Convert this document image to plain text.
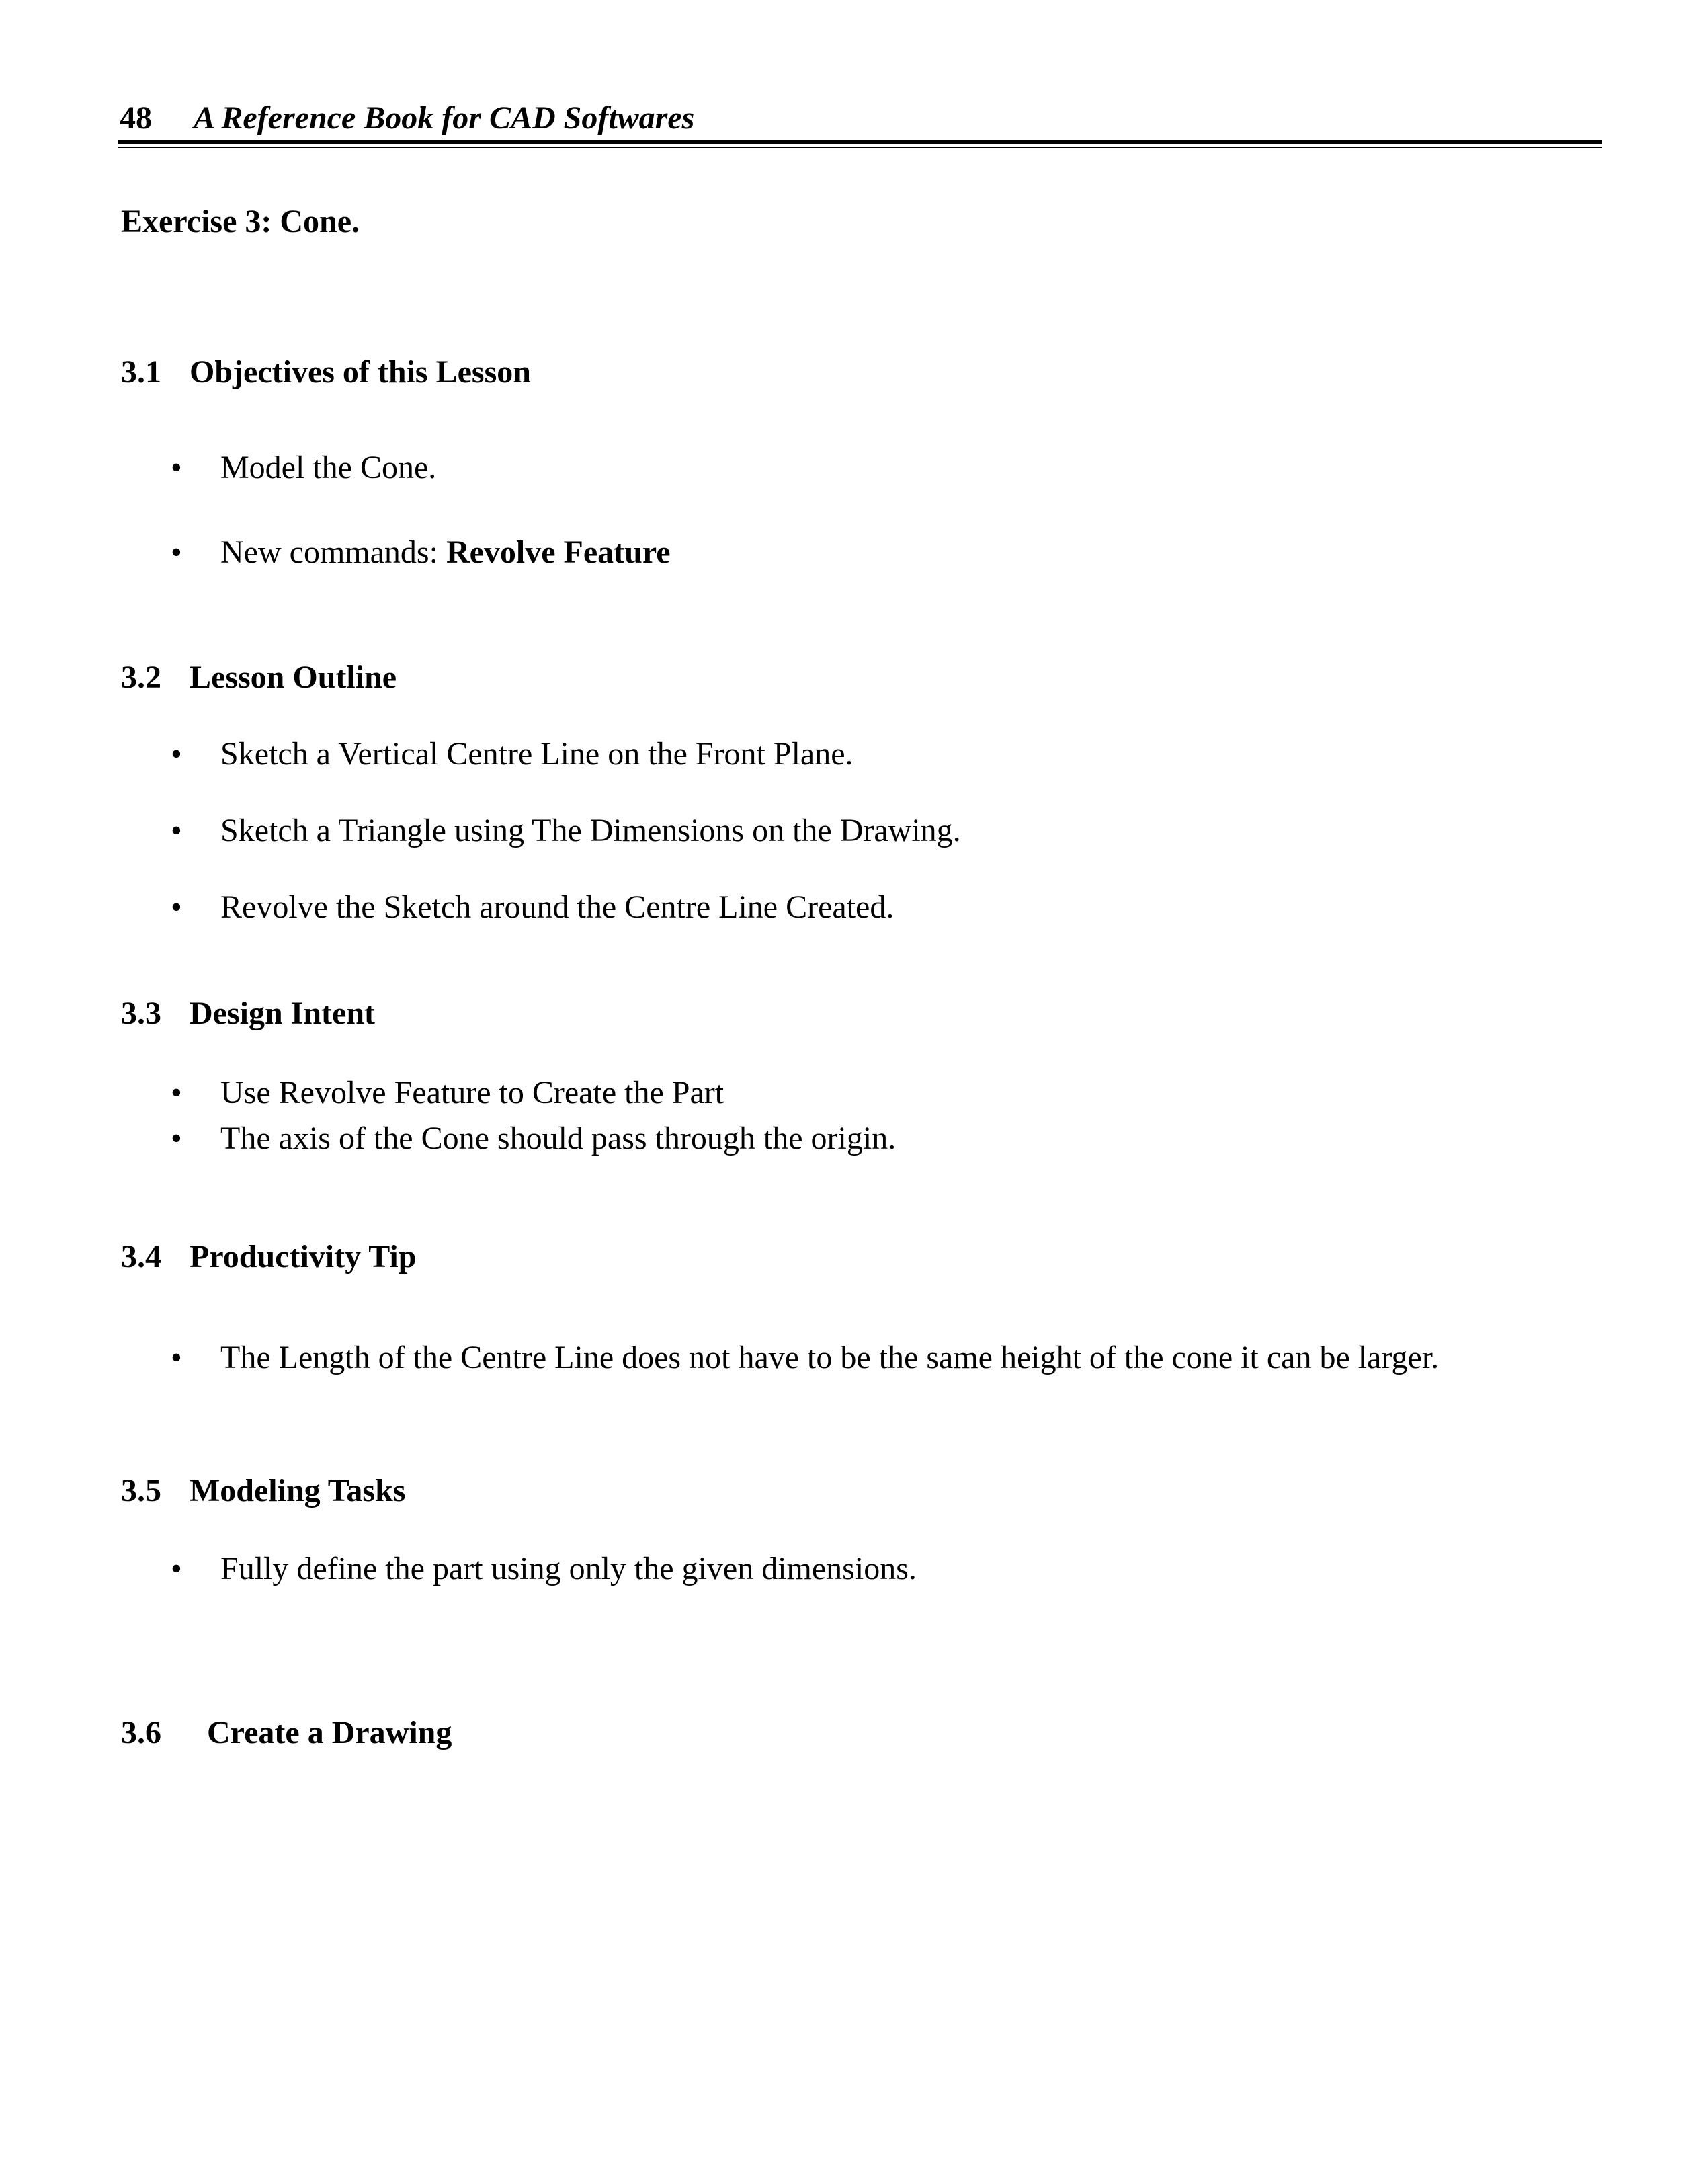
48 A Reference Book for CAD Softwares
Exercise 3: Cone.
3.1 Objectives of this Lesson
•	Model the Cone.
•	New commands: Revolve Feature
3.2 Lesson Outline
•	Sketch a Vertical Centre Line on the Front Plane.
•	Sketch a Triangle using The Dimensions on the Drawing.
•	Revolve the Sketch around the Centre Line Created.
3.3 Design Intent
•	Use Revolve Feature to Create the Part
•	The axis of the Cone should pass through the origin.
3.4 Productivity Tip
•	The Length of the Centre Line does not have to be the same height of the cone it can be larger.
3.5 Modeling Tasks
•	Fully define the part using only the given dimensions.
3.6 Create a Drawing
